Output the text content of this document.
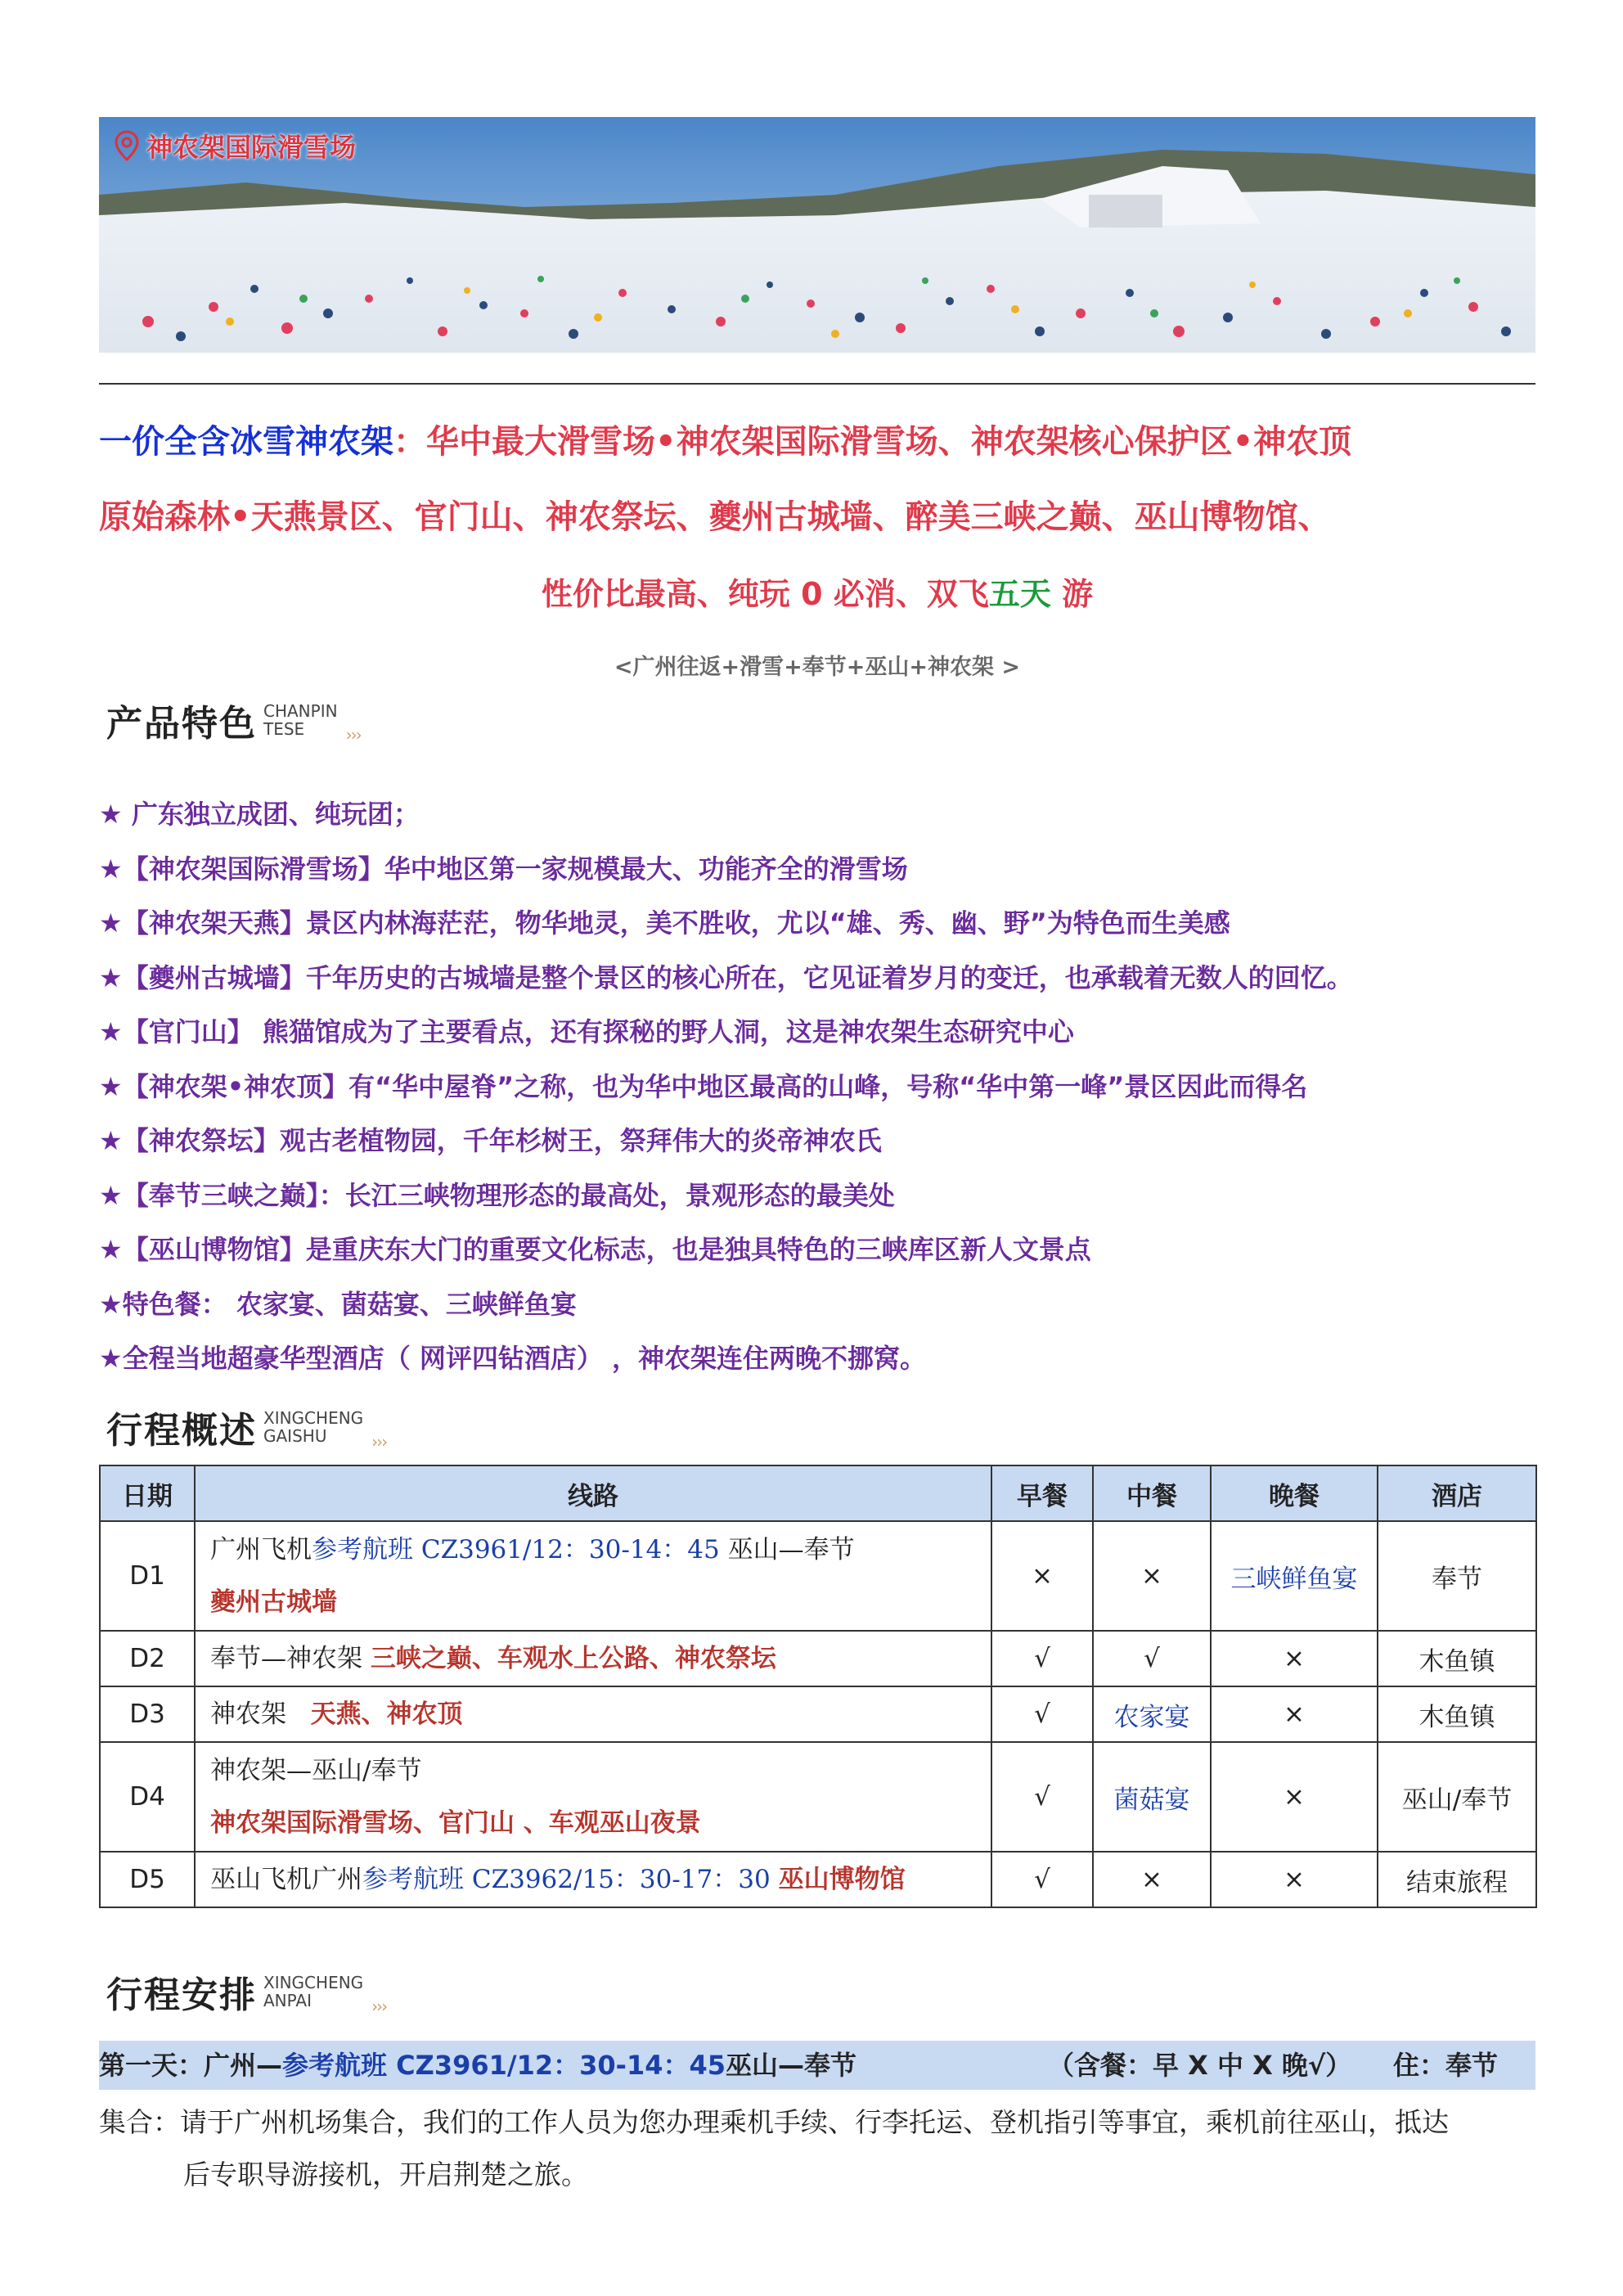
神农架国际滑雪场
一价全含冰雪神农架：华中最大滑雪场•神农架国际滑雪场、神农架核心保护区•神农顶
原始森林•天燕景区、官门山、神农祭坛、夔州古城墙、醉美三峡之巅、巫山博物馆、
性价比最高、纯玩 0 必消、双飞五天 游
<广州往返+滑雪+奉节+巫山+神农架 >
产品特色 CHANPIN
TESE	›››
★ 广东独立成团、纯玩团；
★【神农架国际滑雪场】华中地区第一家规模最大、功能齐全的滑雪场
★【神农架天燕】景区内林海茫茫，物华地灵，美不胜收，尤以“雄、秀、幽、野”为特色而生美感
★【夔州古城墙】千年历史的古城墙是整个景区的核心所在，它见证着岁月的变迁，也承载着无数人的回忆。
★【官门山】 熊猫馆成为了主要看点，还有探秘的野人洞，这是神农架生态研究中心
★【神农架•神农顶】有“华中屋脊”之称，也为华中地区最高的山峰，号称“华中第一峰”景区因此而得名
★【神农祭坛】观古老植物园，千年杉树王，祭拜伟大的炎帝神农氏
★【奉节三峡之巅】：长江三峡物理形态的最高处，景观形态的最美处
★【巫山博物馆】是重庆东大门的重要文化标志，也是独具特色的三峡库区新人文景点
★特色餐： 农家宴、菌菇宴、三峡鲜鱼宴
★全程当地超豪华型酒店（ 网评四钻酒店） ，神农架连住两晚不挪窝。
行程概述 XINGCHENG
GAISHU	›››
日期	线路	早餐	中餐	晚餐	酒店
D1	广州飞机参考航班 CZ3961/12：30-14：45 巫山—奉节
夔州古城墙	×	×	三峡鲜鱼宴	奉节
D2	奉节—神农架 三峡之巅、车观水上公路、神农祭坛	√	√	×	木鱼镇
D3	神农架   天燕、神农顶	√	农家宴	×	木鱼镇
D4	神农架—巫山/奉节
神农架国际滑雪场、官门山 、车观巫山夜景	√	菌菇宴	×	巫山/奉节
D5	巫山飞机广州参考航班 CZ3962/15：30-17：30 巫山博物馆	√	×	×	结束旅程
行程安排 XINGCHENG
ANPAI	›››
第一天：广州—参考航班 CZ3961/12：30-14：45巫山—奉节	（含餐：早 X 中 X 晚√） 住：奉节
集合：请于广州机场集合，我们的工作人员为您办理乘机手续、行李托运、登机指引等事宜，乘机前往巫山，抵达
后专职导游接机，开启荆楚之旅。
